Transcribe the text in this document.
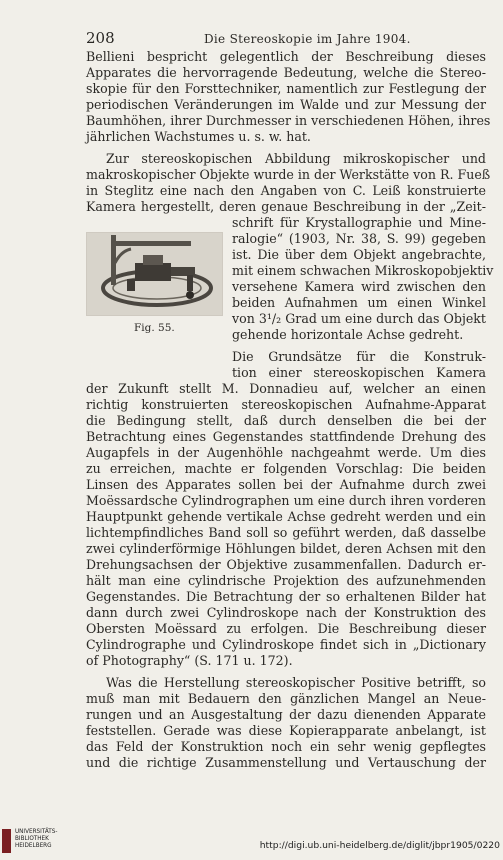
208	Die Stereoskopie im Jahre 1904.
Bellieni bespricht gelegentlich der Beschreibung dieses
Apparates die hervorragende Bedeutung, welche die Stereo-
skopie für den Forsttechniker, namentlich zur Festlegung der
periodischen Veränderungen im Walde und zur Messung der
Baumhöhen, ihrer Durchmesser in verschiedenen Höhen, ihres
jährlichen Wachstumes u. s. w. hat.
Zur stereoskopischen Abbildung mikroskopischer und
makroskopischer Objekte wurde in der Werkstätte von R. Fueß
in Steglitz eine nach den Angaben von C. Leiß konstruierte
Kamera hergestellt, deren genaue Beschreibung in der „Zeit-
schrift für Krystallographie und Mine-
ralogie“ (1903, Nr. 38, S. 99) gegeben
ist. Die über dem Objekt angebrachte,
mit einem schwachen Mikroskopobjektiv
versehene Kamera wird zwischen den
beiden Aufnahmen um einen Winkel
von 3¹/₂ Grad um eine durch das Objekt
gehende horizontale Achse gedreht.
Fig. 55.
Die Grundsätze für die Konstruk-
tion einer stereoskopischen Kamera
der Zukunft stellt M. Donnadieu auf, welcher an einen
richtig konstruierten stereoskopischen Aufnahme-Apparat
die Bedingung stellt, daß durch denselben die bei der
Betrachtung eines Gegenstandes stattfindende Drehung des
Augapfels in der Augenhöhle nachgeahmt werde. Um dies
zu erreichen, machte er folgenden Vorschlag: Die beiden
Linsen des Apparates sollen bei der Aufnahme durch zwei
Moëssardsche Cylindrographen um eine durch ihren vorderen
Hauptpunkt gehende vertikale Achse gedreht werden und ein
lichtempfindliches Band soll so geführt werden, daß dasselbe
zwei cylinderförmige Höhlungen bildet, deren Achsen mit den
Drehungsachsen der Objektive zusammenfallen. Dadurch er-
hält man eine cylindrische Projektion des aufzunehmenden
Gegenstandes. Die Betrachtung der so erhaltenen Bilder hat
dann durch zwei Cylindroskope nach der Konstruktion des
Obersten Moëssard zu erfolgen. Die Beschreibung dieser
Cylindrographe und Cylindroskope findet sich in „Dictionary
of Photography“ (S. 171 u. 172).
Was die Herstellung stereoskopischer Positive betrifft, so
muß man mit Bedauern den gänzlichen Mangel an Neue-
rungen und an Ausgestaltung der dazu dienenden Apparate
feststellen. Gerade was diese Kopierapparate anbelangt, ist
das Feld der Konstruktion noch ein sehr wenig gepflegtes
und die richtige Zusammenstellung und Vertauschung der
UNIVERSITÄTS-
BIBLIOTHEK
HEIDELBERG	http://digi.ub.uni-heidelberg.de/diglit/jbpr1905/0220
